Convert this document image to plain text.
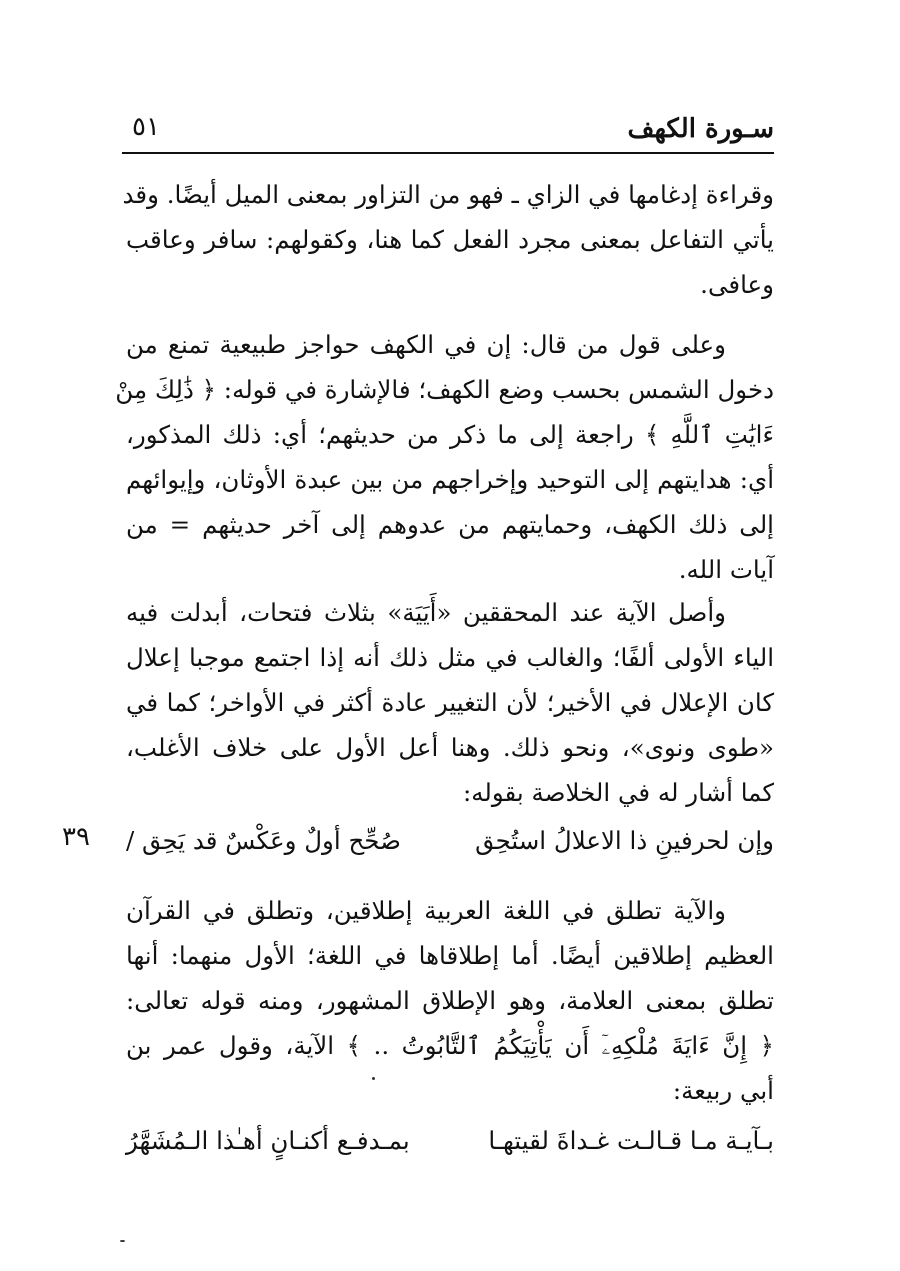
سـورة الكهف
٥١
وقراءة إدغامها في الزاي ـ فهو من التزاور بمعنى الميل أيضًا. وقد
يأتي التفاعل بمعنى مجرد الفعل كما هنا، وكقولهم: سافر وعاقب
وعافى.
وعلى قول من قال: إن في الكهف حواجز طبيعية تمنع من
دخول الشمس بحسب وضع الكهف؛ فالإشارة في قوله: ﴿ ذَٰلِكَ مِنْ
ءَايَٰتِ ٱللَّهِ ﴾ راجعة إلى ما ذكر من حديثهم؛ أي: ذلك المذكور،
أي: هدايتهم إلى التوحيد وإخراجهم من بين عبدة الأوثان، وإيوائهم
إلى ذلك الكهف، وحمايتهم من عدوهم إلى آخر حديثهم = من
آيات الله.
وأصل الآية عند المحققين «أَيَيَة» بثلاث فتحات، أبدلت فيه
الياء الأولى ألفًا؛ والغالب في مثل ذلك أنه إذا اجتمع موجبا إعلال
كان الإعلال في الأخير؛ لأن التغيير عادة أكثر في الأواخر؛ كما في
«طوى ونوى»، ونحو ذلك. وهنا أعل الأول على خلاف الأغلب،
كما أشار له في الخلاصة بقوله:
وإن لحرفينِ ذا الاعلالُ استُحِق
صُحِّح أولٌ وعَكْسٌ قد يَحِق /
٣٩
والآية تطلق في اللغة العربية إطلاقين، وتطلق في القرآن
العظيم إطلاقين أيضًا. أما إطلاقاها في اللغة؛ الأول منهما: أنها
تطلق بمعنى العلامة، وهو الإطلاق المشهور، ومنه قوله تعالى:
﴿ إِنَّ ءَايَةَ مُلْكِهِۦٓ أَن يَأْتِيَكُمُ ٱلتَّابُوتُ .. ﴾ الآية، وقول عمر بن
أبي ربيعة:
بـآيـة مـا قـالـت غـداةَ لقيتهـا
بمـدفـع أكنـانٍ أهـٰذا الـمُشَهَّرُ
